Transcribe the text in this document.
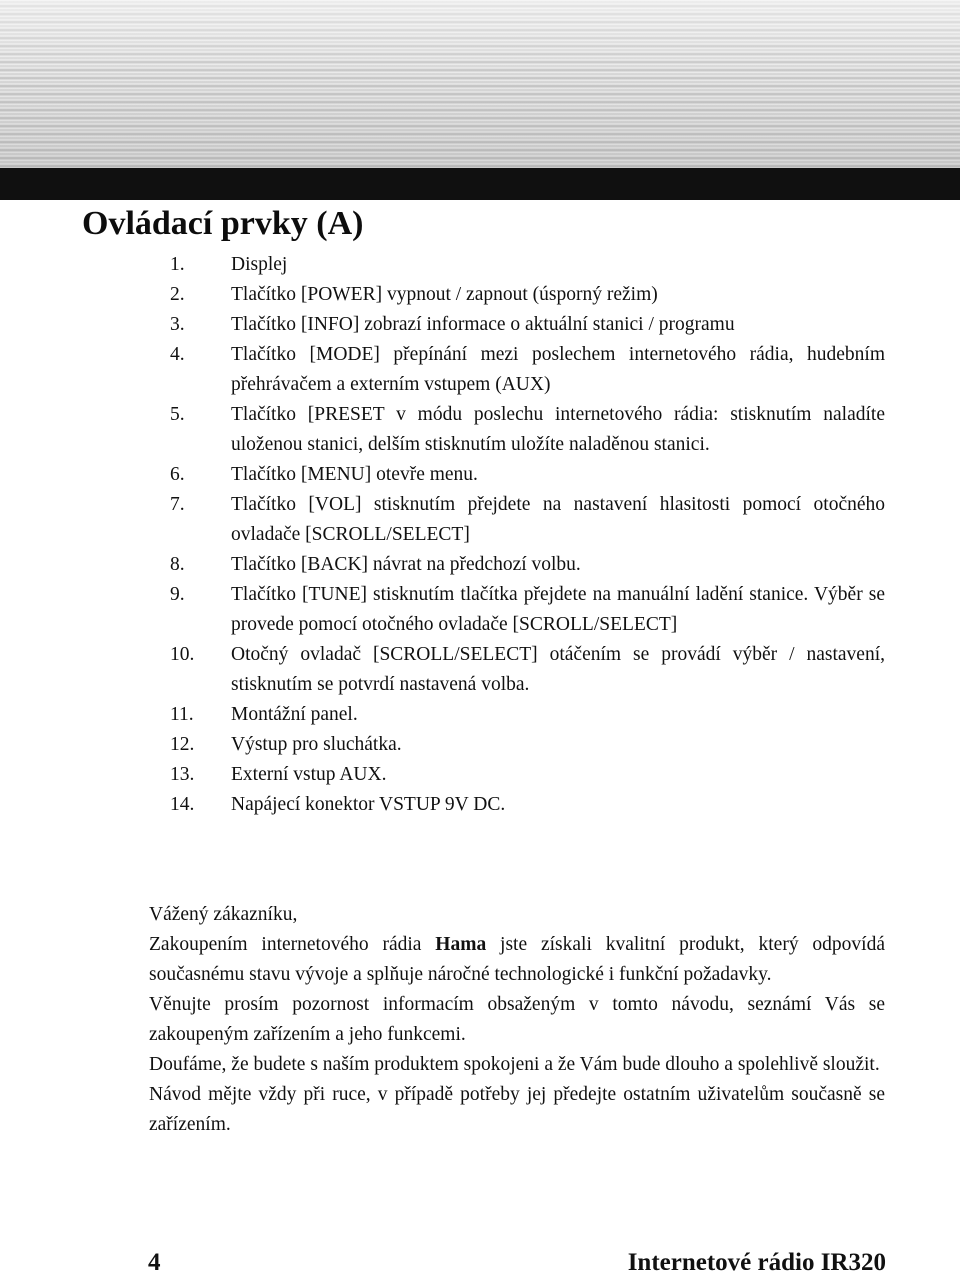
Ovládací prvky (A)
1.	Displej
2.	Tlačítko [POWER] vypnout / zapnout (úsporný režim)
3.	Tlačítko [INFO] zobrazí informace o aktuální stanici / programu
4.	Tlačítko [MODE] přepínání mezi poslechem internetového rádia, hudebním přehrávačem a externím vstupem (AUX)
5.	Tlačítko [PRESET v módu poslechu internetového rádia: stisknutím naladíte uloženou stanici, delším stisknutím uložíte naladěnou stanici.
6.	Tlačítko [MENU] otevře menu.
7.	Tlačítko [VOL] stisknutím přejdete na nastavení hlasitosti pomocí otočného ovladače [SCROLL/SELECT]
8.	Tlačítko [BACK] návrat na předchozí volbu.
9.	Tlačítko [TUNE] stisknutím tlačítka přejdete na manuální ladění stanice. Výběr se provede pomocí otočného ovladače [SCROLL/SELECT]
10.	Otočný ovladač [SCROLL/SELECT] otáčením se provádí výběr / nastavení, stisknutím se potvrdí nastavená volba.
11.	Montážní panel.
12.	Výstup pro sluchátka.
13.	Externí vstup AUX.
14.	Napájecí konektor VSTUP 9V DC.

Vážený zákazníku,

Zakoupením internetového rádia Hama jste získali kvalitní produkt, který odpovídá současnému stavu vývoje a splňuje náročné technologické i funkční požadavky.

Věnujte prosím pozornost informacím obsaženým v tomto návodu, seznámí Vás se zakoupeným zařízením a jeho funkcemi.

Doufáme, že budete s naším produktem spokojeni a že Vám bude dlouho a spolehlivě sloužit.

Návod mějte vždy při ruce, v případě potřeby jej předejte ostatním uživatelům současně se zařízením.

4	Internetové rádio IR320
